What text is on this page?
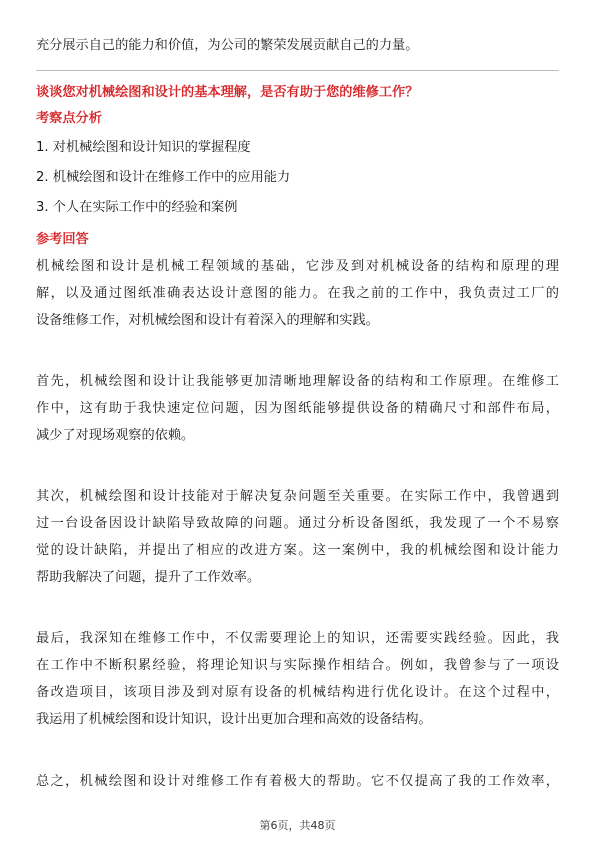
充分展示自己的能力和价值，为公司的繁荣发展贡献自己的力量。

谈谈您对机械绘图和设计的基本理解，是否有助于您的维修工作？
考察点分析
1. 对机械绘图和设计知识的掌握程度
2. 机械绘图和设计在维修工作中的应用能力
3. 个人在实际工作中的经验和案例
参考回答

机械绘图和设计是机械工程领域的基础，它涉及到对机械设备的结构和原理的理

解，以及通过图纸准确表达设计意图的能力。在我之前的工作中，我负责过工厂的

设备维修工作，对机械绘图和设计有着深入的理解和实践。

首先，机械绘图和设计让我能够更加清晰地理解设备的结构和工作原理。在维修工

作中，这有助于我快速定位问题，因为图纸能够提供设备的精确尺寸和部件布局，

减少了对现场观察的依赖。

其次，机械绘图和设计技能对于解决复杂问题至关重要。在实际工作中，我曾遇到

过一台设备因设计缺陷导致故障的问题。通过分析设备图纸，我发现了一个不易察

觉的设计缺陷，并提出了相应的改进方案。这一案例中，我的机械绘图和设计能力

帮助我解决了问题，提升了工作效率。

最后，我深知在维修工作中，不仅需要理论上的知识，还需要实践经验。因此，我

在工作中不断积累经验，将理论知识与实际操作相结合。例如，我曾参与了一项设

备改造项目，该项目涉及到对原有设备的机械结构进行优化设计。在这个过程中，

我运用了机械绘图和设计知识，设计出更加合理和高效的设备结构。

总之，机械绘图和设计对维修工作有着极大的帮助。它不仅提高了我的工作效率，

第6页，共48页
